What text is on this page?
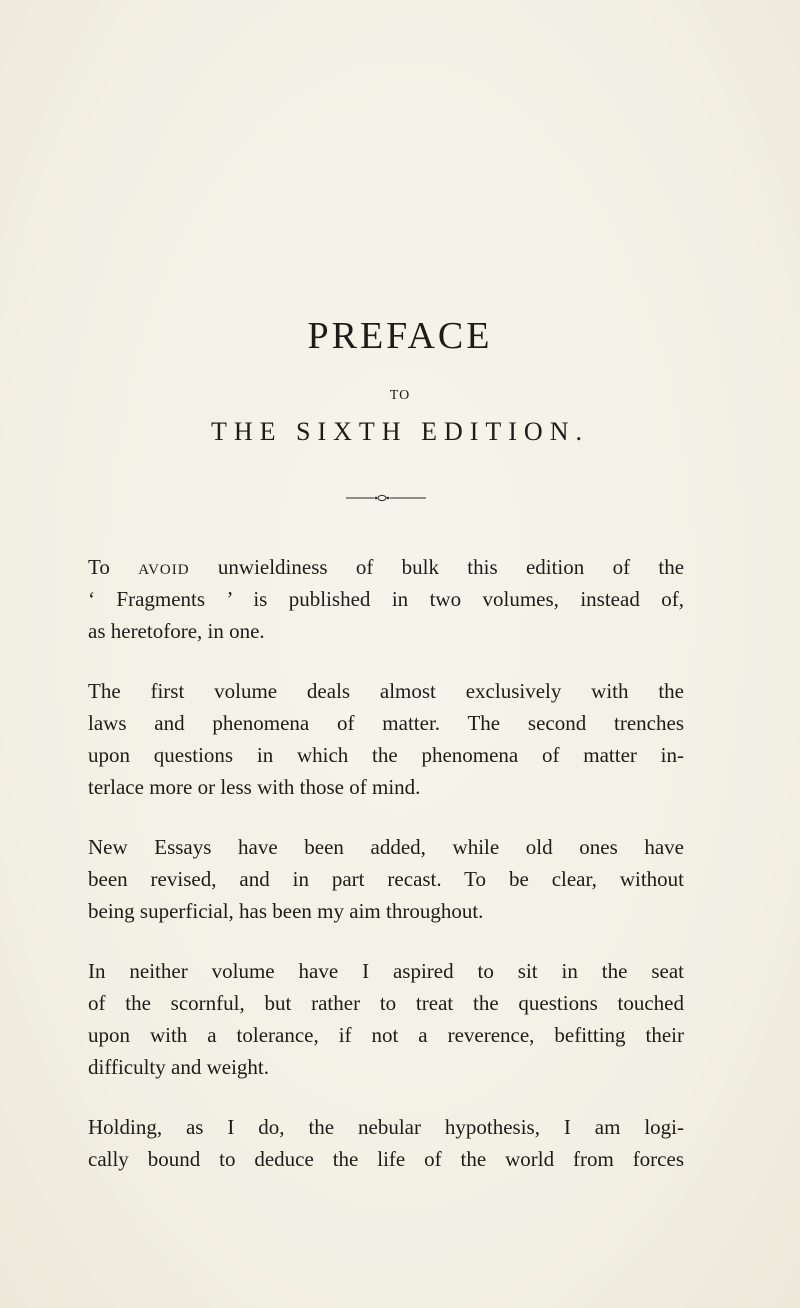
PREFACE
TO
THE SIXTH EDITION.
To avoid unwieldiness of bulk this edition of the
‘ Fragments ’ is published in two volumes, instead of,
as heretofore, in one.
The first volume deals almost exclusively with the
laws and phenomena of matter. The second trenches
upon questions in which the phenomena of matter in-
terlace more or less with those of mind.
New Essays have been added, while old ones have
been revised, and in part recast. To be clear, without
being superficial, has been my aim throughout.
In neither volume have I aspired to sit in the seat
of the scornful, but rather to treat the questions touched
upon with a tolerance, if not a reverence, befitting their
difficulty and weight.
Holding, as I do, the nebular hypothesis, I am logi-
cally bound to deduce the life of the world from forces
